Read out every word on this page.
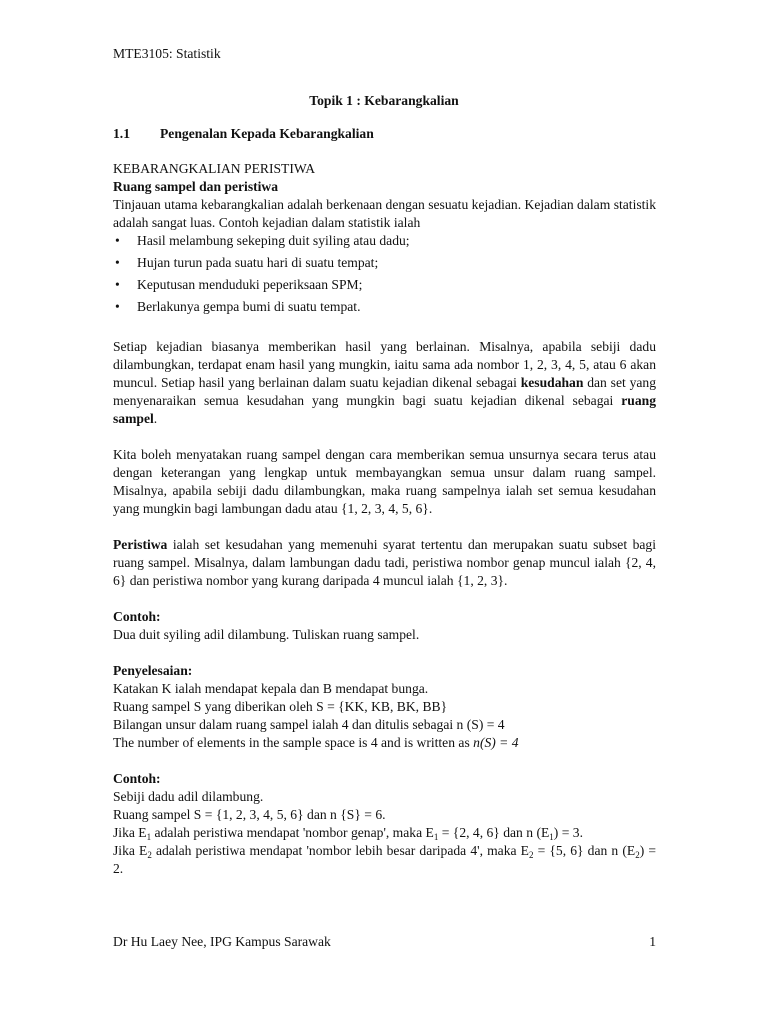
MTE3105: Statistik
Topik 1 : Kebarangkalian
1.1 Pengenalan Kepada Kebarangkalian
KEBARANGKALIAN PERISTIWA
Ruang sampel dan peristiwa

Tinjauan utama kebarangkalian adalah berkenaan dengan sesuatu kejadian. Kejadian dalam statistik adalah sangat luas. Contoh kejadian dalam statistik ialah

• Hasil melambung sekeping duit syiling atau dadu;
• Hujan turun pada suatu hari di suatu tempat;
• Keputusan menduduki peperiksaan SPM;
• Berlakunya gempa bumi di suatu tempat.

Setiap kejadian biasanya memberikan hasil yang berlainan. Misalnya, apabila sebiji dadu dilambungkan, terdapat enam hasil yang mungkin, iaitu sama ada nombor 1, 2, 3, 4, 5, atau 6 akan muncul. Setiap hasil yang berlainan dalam suatu kejadian dikenal sebagai kesudahan dan set yang menyenaraikan semua kesudahan yang mungkin bagi suatu kejadian dikenal sebagai ruang sampel.

Kita boleh menyatakan ruang sampel dengan cara memberikan semua unsurnya secara terus atau dengan keterangan yang lengkap untuk membayangkan semua unsur dalam ruang sampel. Misalnya, apabila sebiji dadu dilambungkan, maka ruang sampelnya ialah set semua kesudahan yang mungkin bagi lambungan dadu atau {1, 2, 3, 4, 5, 6}.

Peristiwa ialah set kesudahan yang memenuhi syarat tertentu dan merupakan suatu subset bagi ruang sampel. Misalnya, dalam lambungan dadu tadi, peristiwa nombor genap muncul ialah {2, 4, 6} dan peristiwa nombor yang kurang daripada 4 muncul ialah {1, 2, 3}.

Contoh:
Dua duit syiling adil dilambung. Tuliskan ruang sampel.
Penyelesaian:
Katakan K ialah mendapat kepala dan B mendapat bunga.
Ruang sampel S yang diberikan oleh S = {KK, KB, BK, BB}
Bilangan unsur dalam ruang sampel ialah 4 dan ditulis sebagai n (S) = 4
The number of elements in the sample space is 4 and is written as n(S) = 4
Contoh:
Sebiji dadu adil dilambung.
Ruang sampel S = {1, 2, 3, 4, 5, 6} dan n {S} = 6.

Jika $E_1$ adalah peristiwa mendapat 'nombor genap', maka $E_1 = \{2$, 4, 6} dan n $(E_1) = 3$.

Jika $E_2$ adalah peristiwa mendapat 'nombor lebih besar daripada 4', maka $E_2 = \{5$, 6} dan n $(E_2) = 2$.

Dr Hu Laey Nee, IPG Kampus Sarawak	1
